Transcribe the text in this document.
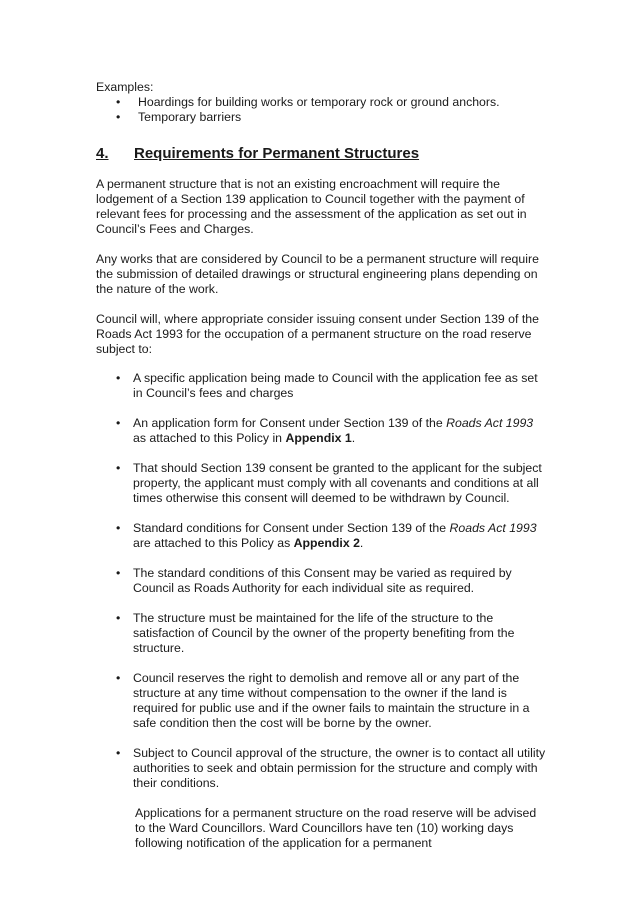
Examples:

•	Hoardings for building works or temporary rock or ground anchors.
•	Temporary barriers
4.	Requirements for Permanent Structures

A permanent structure that is not an existing encroachment will require the lodgement of a Section 139 application to Council together with the payment of relevant fees for processing and the assessment of the application as set out in Council’s Fees and Charges.

Any works that are considered by Council to be a permanent structure will require the submission of detailed drawings or structural engineering plans depending on the nature of the work.

Council will, where appropriate consider issuing consent under Section 139 of the Roads Act 1993 for the occupation of a permanent structure on the road reserve subject to:

•	A specific application being made to Council with the application fee as set in Council’s fees and charges
•	An application form for Consent under Section 139 of the Roads Act 1993 as attached to this Policy in Appendix 1.
•	That should Section 139 consent be granted to the applicant for the subject property, the applicant must comply with all covenants and conditions at all times otherwise this consent will deemed to be withdrawn by Council.
•	Standard conditions for Consent under Section 139 of the Roads Act 1993 are attached to this Policy as Appendix 2.
•	The standard conditions of this Consent may be varied as required by Council as Roads Authority for each individual site as required.
•	The structure must be maintained for the life of the structure to the satisfaction of Council by the owner of the property benefiting from the structure.
•	Council reserves the right to demolish and remove all or any part of the structure at any time without compensation to the owner if the land is required for public use and if the owner fails to maintain the structure in a safe condition then the cost will be borne by the owner.
•	Subject to Council approval of the structure, the owner is to contact all utility authorities to seek and obtain permission for the structure and comply with their conditions.

Applications for a permanent structure on the road reserve will be advised to the Ward Councillors. Ward Councillors have ten (10) working days following notification of the application for a permanent
